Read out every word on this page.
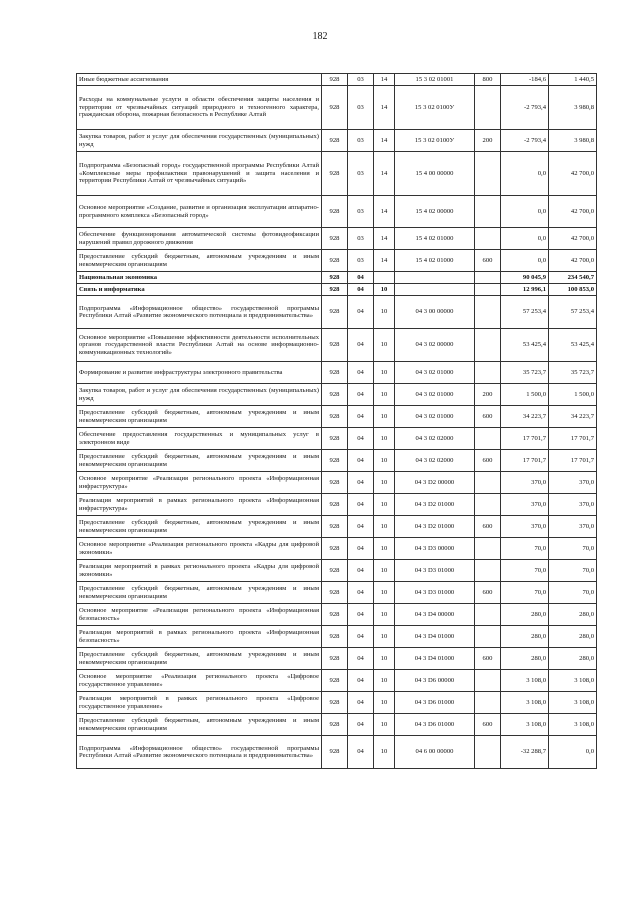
182
Иные бюджетные ассигнования	928	03	14	15 3 02 01001	800	-184,6	1 440,5
Расходы на коммунальные услуги в области обеспечения защиты населения и территории от чрезвычайных ситуаций природного и техногенного характера, гражданская оборона, пожарная безопасность в Республике Алтай	928	03	14	15 3 02 0100У		-2 793,4	3 980,8
Закупка товаров, работ и услуг для обеспечения государственных (муниципальных) нужд	928	03	14	15 3 02 0100У	200	-2 793,4	3 980,8
Подпрограмма «Безопасный город» государственной программы Республики Алтай «Комплексные меры профилактики правонарушений и защита населения и территории Республики Алтай от чрезвычайных ситуаций»	928	03	14	15 4 00 00000		0,0	42 700,0
Основное мероприятие «Создание, развитие и организация эксплуатации аппаратно-программного комплекса «Безопасный город»	928	03	14	15 4 02 00000		0,0	42 700,0
Обеспечение функционирования автоматической системы фотовидеофиксации нарушений правил дорожного движения	928	03	14	15 4 02 01000		0,0	42 700,0
Предоставление субсидий бюджетным, автономным учреждениям и иным некоммерческим организациям	928	03	14	15 4 02 01000	600	0,0	42 700,0
Национальная экономика	928	04				90 045,9	234 540,7
Связь и информатика	928	04	10			12 996,1	100 853,0
Подпрограмма «Информационное общество» государственной программы Республики Алтай «Развитие экономического потенциала и предпринимательства»	928	04	10	04 3 00 00000		57 253,4	57 253,4
Основное мероприятие «Повышение эффективности деятельности исполнительных органов государственной власти Республики Алтай на основе информационно-коммуникационных технологий»	928	04	10	04 3 02 00000		53 425,4	53 425,4
Формирование и развитие инфраструктуры электронного правительства	928	04	10	04 3 02 01000		35 723,7	35 723,7
Закупка товаров, работ и услуг для обеспечения государственных (муниципальных) нужд	928	04	10	04 3 02 01000	200	1 500,0	1 500,0
Предоставление субсидий бюджетным, автономным учреждениям и иным некоммерческим организациям	928	04	10	04 3 02 01000	600	34 223,7	34 223,7
Обеспечение предоставления государственных и муниципальных услуг в электронном виде	928	04	10	04 3 02 02000		17 701,7	17 701,7
Предоставление субсидий бюджетным, автономным учреждениям и иным некоммерческим организациям	928	04	10	04 3 02 02000	600	17 701,7	17 701,7
Основное мероприятие «Реализация регионального проекта «Информационная инфраструктура»	928	04	10	04 3 D2 00000		370,0	370,0
Реализация мероприятий в рамках регионального проекта «Информационная инфраструктура»	928	04	10	04 3 D2 01000		370,0	370,0
Предоставление субсидий бюджетным, автономным учреждениям и иным некоммерческим организациям	928	04	10	04 3 D2 01000	600	370,0	370,0
Основное мероприятие «Реализация регионального проекта «Кадры для цифровой экономики»	928	04	10	04 3 D3 00000		70,0	70,0
Реализация мероприятий в рамках регионального проекта «Кадры для цифровой экономики»	928	04	10	04 3 D3 01000		70,0	70,0
Предоставление субсидий бюджетным, автономным учреждениям и иным некоммерческим организациям	928	04	10	04 3 D3 01000	600	70,0	70,0
Основное мероприятие «Реализация регионального проекта «Информационная безопасность»	928	04	10	04 3 D4 00000		280,0	280,0
Реализация мероприятий в рамках регионального проекта «Информационная безопасность»	928	04	10	04 3 D4 01000		280,0	280,0
Предоставление субсидий бюджетным, автономным учреждениям и иным некоммерческим организациям	928	04	10	04 3 D4 01000	600	280,0	280,0
Основное мероприятие «Реализация регионального проекта «Цифровое государственное управление»	928	04	10	04 3 D6 00000		3 108,0	3 108,0
Реализация мероприятий в рамках регионального проекта «Цифровое государственное управление»	928	04	10	04 3 D6 01000		3 108,0	3 108,0
Предоставление субсидий бюджетным, автономным учреждениям и иным некоммерческим организациям	928	04	10	04 3 D6 01000	600	3 108,0	3 108,0
Подпрограмма «Информационное общество» государственной программы Республики Алтай «Развитие экономического потенциала и предпринимательства»	928	04	10	04 6 00 00000		-32 288,7	0,0
